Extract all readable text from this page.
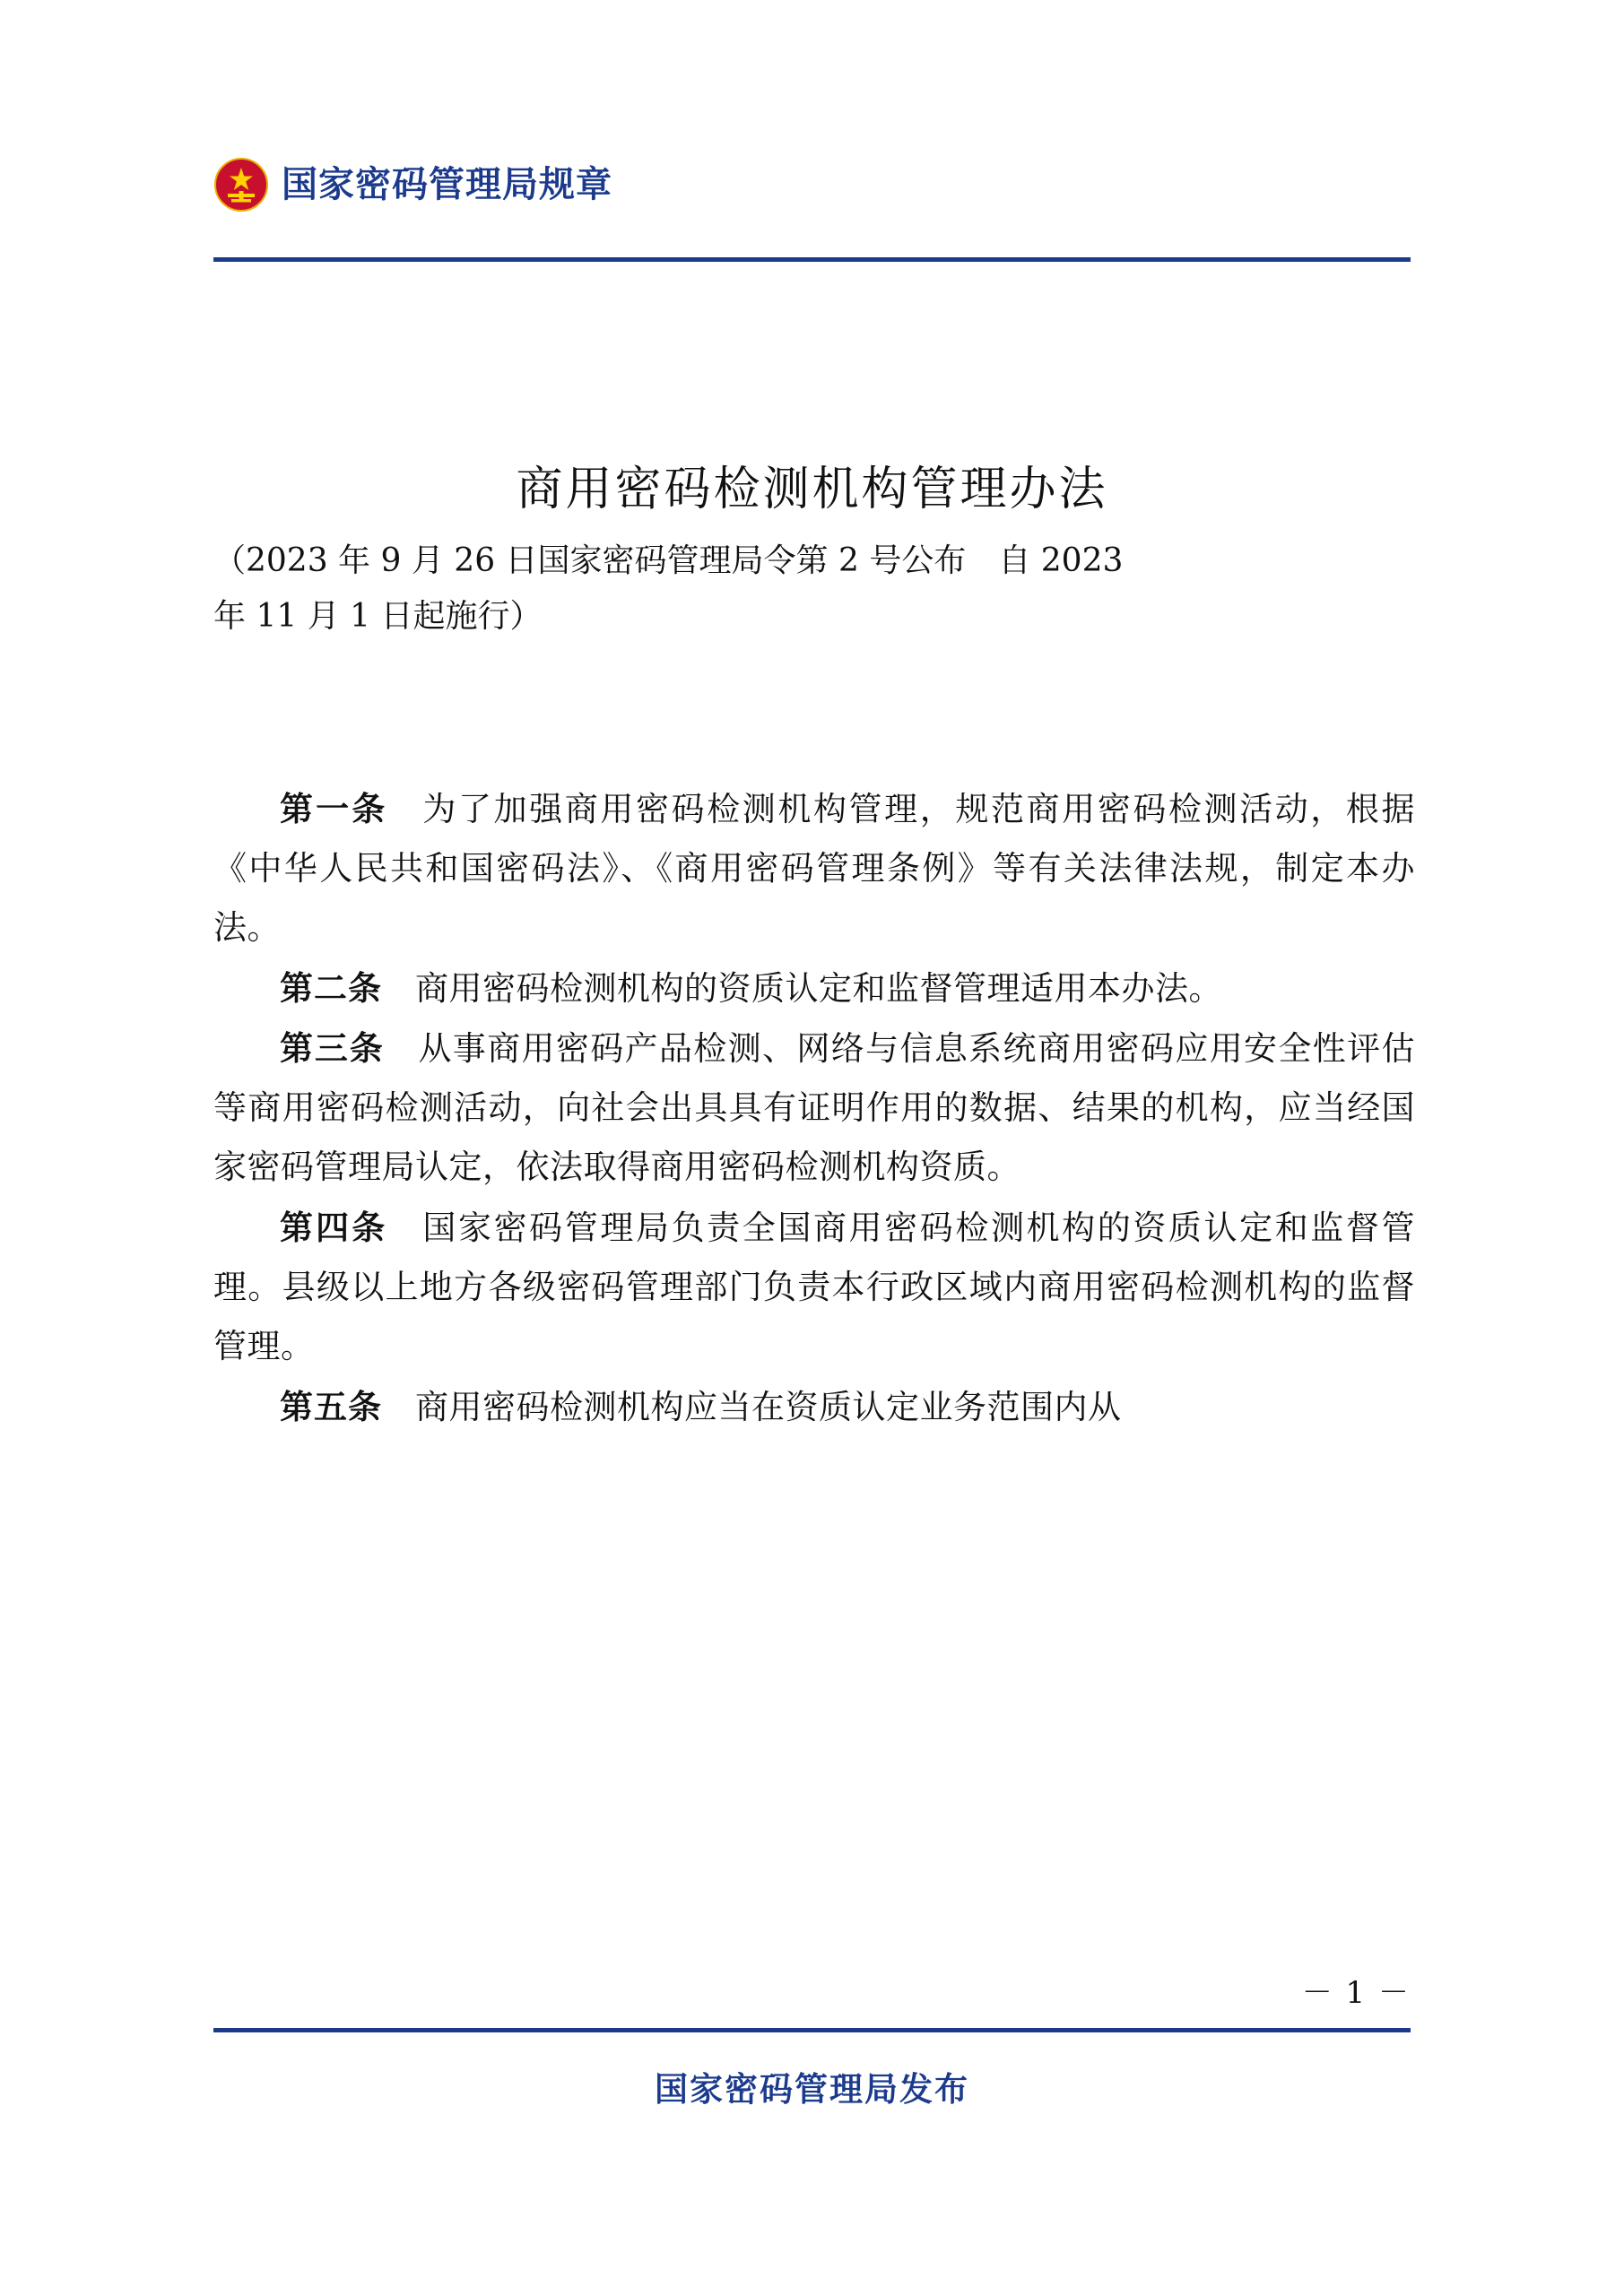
国家密码管理局规章
商用密码检测机构管理办法
（2023 年 9 月 26 日国家密码管理局令第 2 号公布　自 2023
年 11 月 1 日起施行）

第一条 为了加强商用密码检测机构管理，规范商用密码检测活动，根据《中华人民共和国密码法》、《商用密码管理条例》等有关法律法规，制定本办法。

第二条 商用密码检测机构的资质认定和监督管理适用本办法。

第三条 从事商用密码产品检测、网络与信息系统商用密码应用安全性评估等商用密码检测活动，向社会出具具有证明作用的数据、结果的机构，应当经国家密码管理局认定，依法取得商用密码检测机构资质。

第四条 国家密码管理局负责全国商用密码检测机构的资质认定和监督管理。县级以上地方各级密码管理部门负责本行政区域内商用密码检测机构的监督管理。

第五条 商用密码检测机构应当在资质认定业务范围内从

－ 1 －
国家密码管理局发布
